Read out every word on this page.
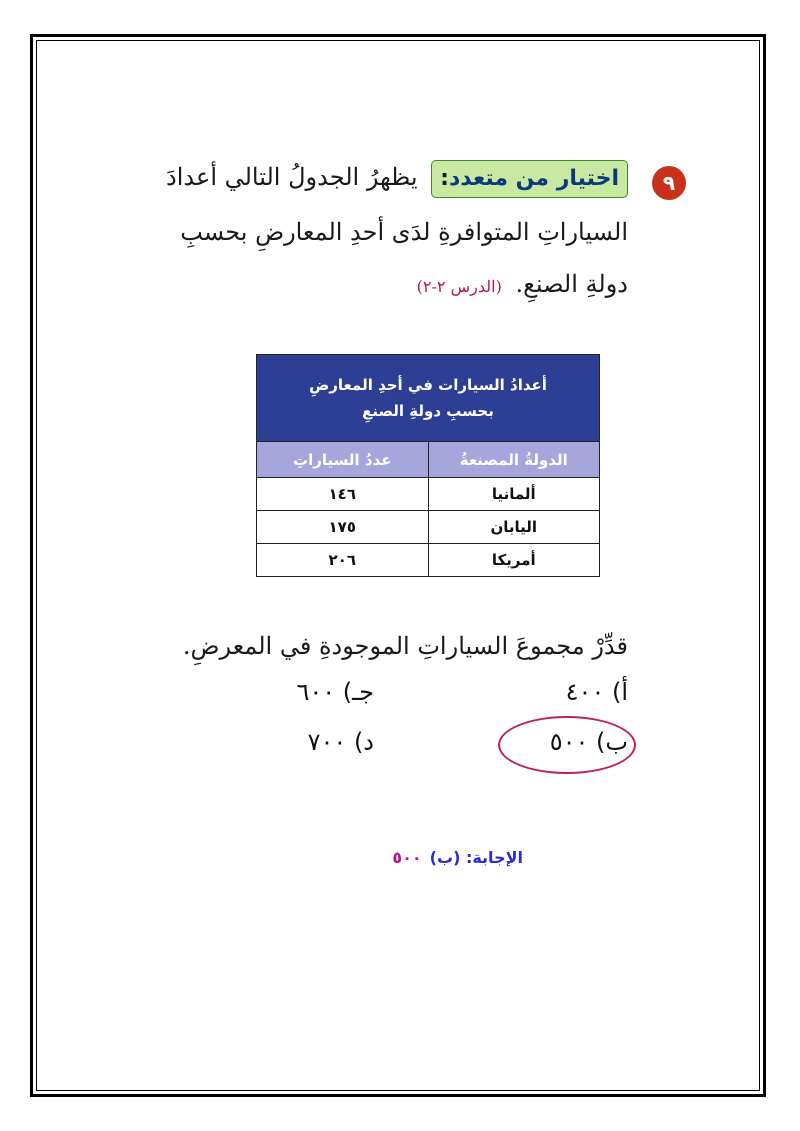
٩
اختيار من متعدد: يظهرُ الجدولُ التالي أعدادَ
السياراتِ المتوافرةِ لدَى أحدِ المعارضِ بحسبِ
دولةِ الصنعِ. (الدرس ٢-٢)
أعدادُ السيارات في أحدِ المعارضِ
بحسبِ دولةِ الصنعِ	
الدولةُ المصنعةُ	عددُ السياراتِ
ألمانيا	١٤٦
اليابان	١٧٥
أمريكا	٢٠٦
قدِّرْ مجموعَ السياراتِ الموجودةِ في المعرضِ.
أ) ٤٠٠
جـ) ٦٠٠
ب) ٥٠٠
د) ٧٠٠
الإجابة: (ب)٥٠٠
